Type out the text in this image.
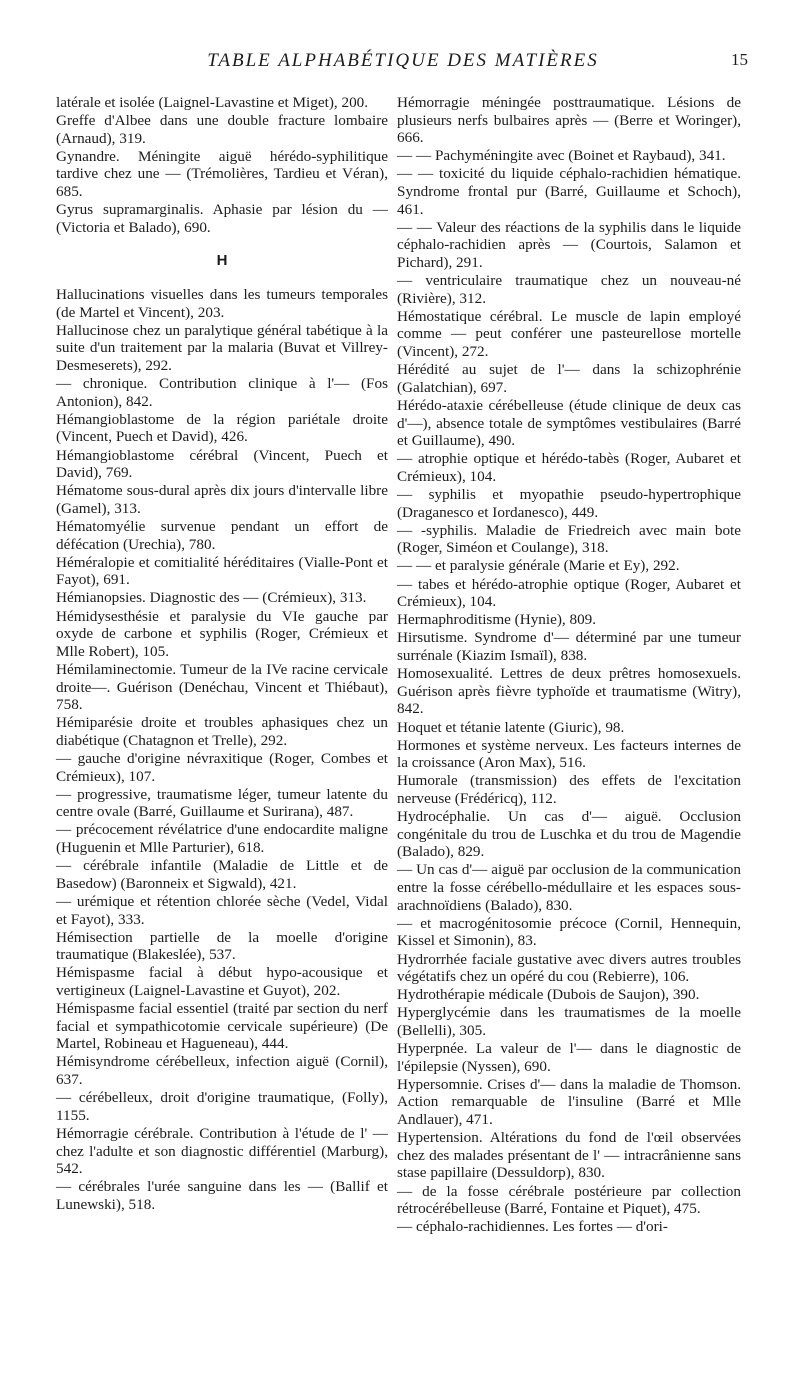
TABLE ALPHABÉTIQUE DES MATIÈRES	15
latérale et isolée (Laignel-Lavastine et Miget), 200.
Greffe d'Albee dans une double fracture lombaire (Arnaud), 319.
Gynandre. Méningite aiguë hérédo-syphilitique tardive chez une — (Trémolières, Tardieu et Véran), 685.
Gyrus supramarginalis. Aphasie par lésion du — (Victoria et Balado), 690.
H
Hallucinations visuelles dans les tumeurs temporales (de Martel et Vincent), 203.
Hallucinose chez un paralytique général tabétique à la suite d'un traitement par la malaria (Buvat et Villrey-Desmeserets), 292.
— chronique. Contribution clinique à l'— (Fos Antonion), 842.
Hémangioblastome de la région pariétale droite (Vincent, Puech et David), 426.
Hémangioblastome cérébral (Vincent, Puech et David), 769.
Hématome sous-dural après dix jours d'intervalle libre (Gamel), 313.
Hématomyélie survenue pendant un effort de défécation (Urechia), 780.
Héméralopie et comitialité héréditaires (Vialle-Pont et Fayot), 691.
Hémianopsies. Diagnostic des — (Crémieux), 313.
Hémidysesthésie et paralysie du VIe gauche par oxyde de carbone et syphilis (Roger, Crémieux et Mlle Robert), 105.
Hémilaminectomie. Tumeur de la IVe racine cervicale droite—. Guérison (Denéchau, Vincent et Thiébaut), 758.
Hémiparésie droite et troubles aphasiques chez un diabétique (Chatagnon et Trelle), 292.
— gauche d'origine névraxitique (Roger, Combes et Crémieux), 107.
— progressive, traumatisme léger, tumeur latente du centre ovale (Barré, Guillaume et Surirana), 487.
— précocement révélatrice d'une endocardite maligne (Huguenin et Mlle Parturier), 618.
— cérébrale infantile (Maladie de Little et de Basedow) (Baronneix et Sigwald), 421.
— urémique et rétention chlorée sèche (Vedel, Vidal et Fayot), 333.
Hémisection partielle de la moelle d'origine traumatique (Blakeslée), 537.
Hémispasme facial à début hypo-acousique et vertigineux (Laignel-Lavastine et Guyot), 202.
Hémispasme facial essentiel (traité par section du nerf facial et sympathicotomie cervicale supérieure) (De Martel, Robineau et Hagueneau), 444.
Hémisyndrome cérébelleux, infection aiguë (Cornil), 637.
— cérébelleux, droit d'origine traumatique, (Folly), 1155.
Hémorragie cérébrale. Contribution à l'étude de l' — chez l'adulte et son diagnostic différentiel (Marburg), 542.
— cérébrales l'urée sanguine dans les — (Ballif et Lunewski), 518.
Hémorragie méningée posttraumatique. Lésions de plusieurs nerfs bulbaires après — (Berre et Woringer), 666.
— — Pachyméningite avec (Boinet et Raybaud), 341.
— — toxicité du liquide céphalo-rachidien hématique. Syndrome frontal pur (Barré, Guillaume et Schoch), 461.
— — Valeur des réactions de la syphilis dans le liquide céphalo-rachidien après — (Courtois, Salamon et Pichard), 291.
— ventriculaire traumatique chez un nouveau-né (Rivière), 312.
Hémostatique cérébral. Le muscle de lapin employé comme — peut conférer une pasteurellose mortelle (Vincent), 272.
Hérédité au sujet de l'— dans la schizophrénie (Galatchian), 697.
Hérédo-ataxie cérébelleuse (étude clinique de deux cas d'—), absence totale de symptômes vestibulaires (Barré et Guillaume), 490.
— atrophie optique et hérédo-tabès (Roger, Aubaret et Crémieux), 104.
— syphilis et myopathie pseudo-hypertrophique (Draganesco et Iordanesco), 449.
— -syphilis. Maladie de Friedreich avec main bote (Roger, Siméon et Coulange), 318.
— — et paralysie générale (Marie et Ey), 292.
— tabes et hérédo-atrophie optique (Roger, Aubaret et Crémieux), 104.
Hermaphroditisme (Hynie), 809.
Hirsutisme. Syndrome d'— déterminé par une tumeur surrénale (Kiazim Ismaïl), 838.
Homosexualité. Lettres de deux prêtres homosexuels. Guérison après fièvre typhoïde et traumatisme (Witry), 842.
Hoquet et tétanie latente (Giuric), 98.
Hormones et système nerveux. Les facteurs internes de la croissance (Aron Max), 516.
Humorale (transmission) des effets de l'excitation nerveuse (Frédéricq), 112.
Hydrocéphalie. Un cas d'— aiguë. Occlusion congénitale du trou de Luschka et du trou de Magendie (Balado), 829.
— Un cas d'— aiguë par occlusion de la communication entre la fosse cérébello-médullaire et les espaces sous-arachnoïdiens (Balado), 830.
— et macrogénitosomie précoce (Cornil, Hennequin, Kissel et Simonin), 83.
Hydrorrhée faciale gustative avec divers autres troubles végétatifs chez un opéré du cou (Rebierre), 106.
Hydrothérapie médicale (Dubois de Saujon), 390.
Hyperglycémie dans les traumatismes de la moelle (Bellelli), 305.
Hyperpnée. La valeur de l'— dans le diagnostic de l'épilepsie (Nyssen), 690.
Hypersomnie. Crises d'— dans la maladie de Thomson. Action remarquable de l'insuline (Barré et Mlle Andlauer), 471.
Hypertension. Altérations du fond de l'œil observées chez des malades présentant de l' — intracrânienne sans stase papillaire (Dessuldorp), 830.
— de la fosse cérébrale postérieure par collection rétrocérébelleuse (Barré, Fontaine et Piquet), 475.
— céphalo-rachidiennes. Les fortes — d'ori-
